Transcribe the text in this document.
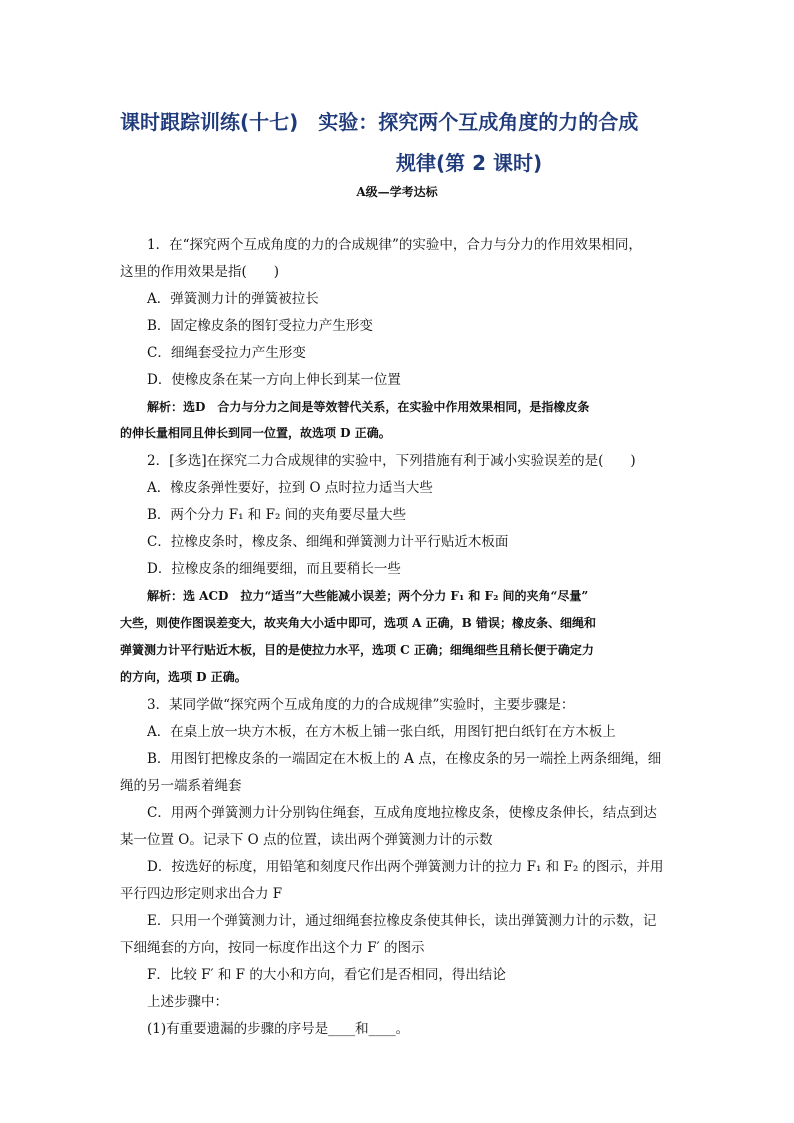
课时跟踪训练(十七)　实验：探究两个互成角度的力的合成
规律(第 2 课时)
A级—学考达标
1．在“探究两个互成角度的力的合成规律”的实验中，合力与分力的作用效果相同，
这里的作用效果是指(　　)
A．弹簧测力计的弹簧被拉长
B．固定橡皮条的图钉受拉力产生形变
C．细绳套受拉力产生形变
D．使橡皮条在某一方向上伸长到某一位置
解析：选D　合力与分力之间是等效替代关系，在实验中作用效果相同，是指橡皮条
的伸长量相同且伸长到同一位置，故选项 D 正确。
2．[多选]在探究二力合成规律的实验中，下列措施有利于减小实验误差的是(　　)
A．橡皮条弹性要好，拉到 O 点时拉力适当大些
B．两个分力 F₁ 和 F₂ 间的夹角要尽量大些
C．拉橡皮条时，橡皮条、细绳和弹簧测力计平行贴近木板面
D．拉橡皮条的细绳要细，而且要稍长一些
解析：选 ACD　拉力“适当”大些能减小误差；两个分力 F₁ 和 F₂ 间的夹角“尽量”
大些，则使作图误差变大，故夹角大小适中即可，选项 A 正确，B 错误；橡皮条、细绳和
弹簧测力计平行贴近木板，目的是使拉力水平，选项 C 正确；细绳细些且稍长便于确定力
的方向，选项 D 正确。
3．某同学做“探究两个互成角度的力的合成规律”实验时，主要步骤是：
A．在桌上放一块方木板，在方木板上铺一张白纸，用图钉把白纸钉在方木板上
B．用图钉把橡皮条的一端固定在木板上的 A 点，在橡皮条的另一端拴上两条细绳，细
绳的另一端系着绳套
C．用两个弹簧测力计分别钩住绳套，互成角度地拉橡皮条，使橡皮条伸长，结点到达
某一位置 O。记录下 O 点的位置，读出两个弹簧测力计的示数
D．按选好的标度，用铅笔和刻度尺作出两个弹簧测力计的拉力 F₁ 和 F₂ 的图示，并用
平行四边形定则求出合力 F
E．只用一个弹簧测力计，通过细绳套拉橡皮条使其伸长，读出弹簧测力计的示数，记
下细绳套的方向，按同一标度作出这个力 F′ 的图示
F．比较 F′ 和 F 的大小和方向，看它们是否相同，得出结论
上述步骤中：
(1)有重要遗漏的步骤的序号是____和____。
